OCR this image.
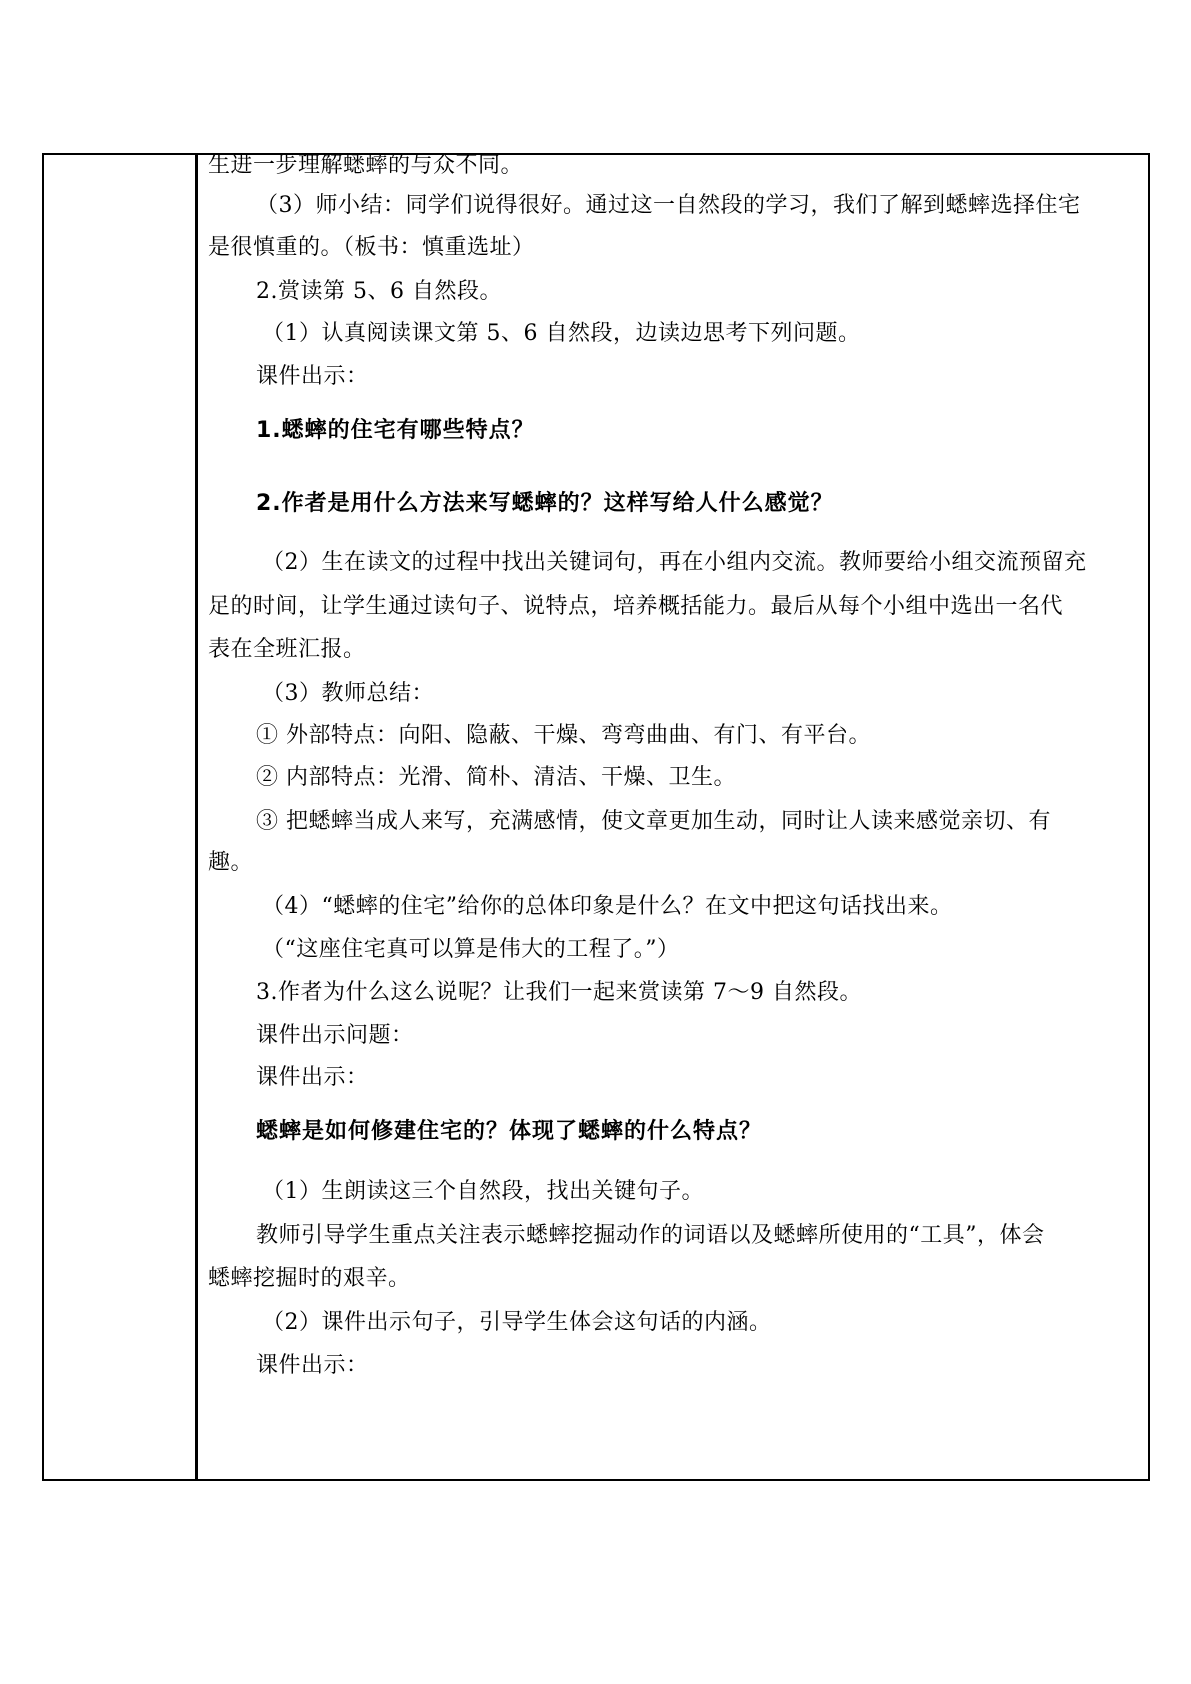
生进一步理解蟋蟀的与众不同。
（3）师小结：同学们说得很好。通过这一自然段的学习，我们了解到蟋蟀选择住宅
是很慎重的。（板书：慎重选址）
2.赏读第 5、6 自然段。
（1）认真阅读课文第 5、6 自然段，边读边思考下列问题。
课件出示：
1.蟋蟀的住宅有哪些特点？
2.作者是用什么方法来写蟋蟀的？这样写给人什么感觉？
（2）生在读文的过程中找出关键词句，再在小组内交流。教师要给小组交流预留充
足的时间，让学生通过读句子、说特点，培养概括能力。最后从每个小组中选出一名代
表在全班汇报。
（3）教师总结：
① 外部特点：向阳、隐蔽、干燥、弯弯曲曲、有门、有平台。
② 内部特点：光滑、简朴、清洁、干燥、卫生。
③ 把蟋蟀当成人来写，充满感情，使文章更加生动，同时让人读来感觉亲切、有
趣。
（4）“蟋蟀的住宅”给你的总体印象是什么？在文中把这句话找出来。
（“这座住宅真可以算是伟大的工程了。”）
3.作者为什么这么说呢？让我们一起来赏读第 7～9 自然段。
课件出示问题：
课件出示：
蟋蟀是如何修建住宅的？体现了蟋蟀的什么特点？
（1）生朗读这三个自然段，找出关键句子。
教师引导学生重点关注表示蟋蟀挖掘动作的词语以及蟋蟀所使用的“工具”，体会
蟋蟀挖掘时的艰辛。
（2）课件出示句子，引导学生体会这句话的内涵。
课件出示：
